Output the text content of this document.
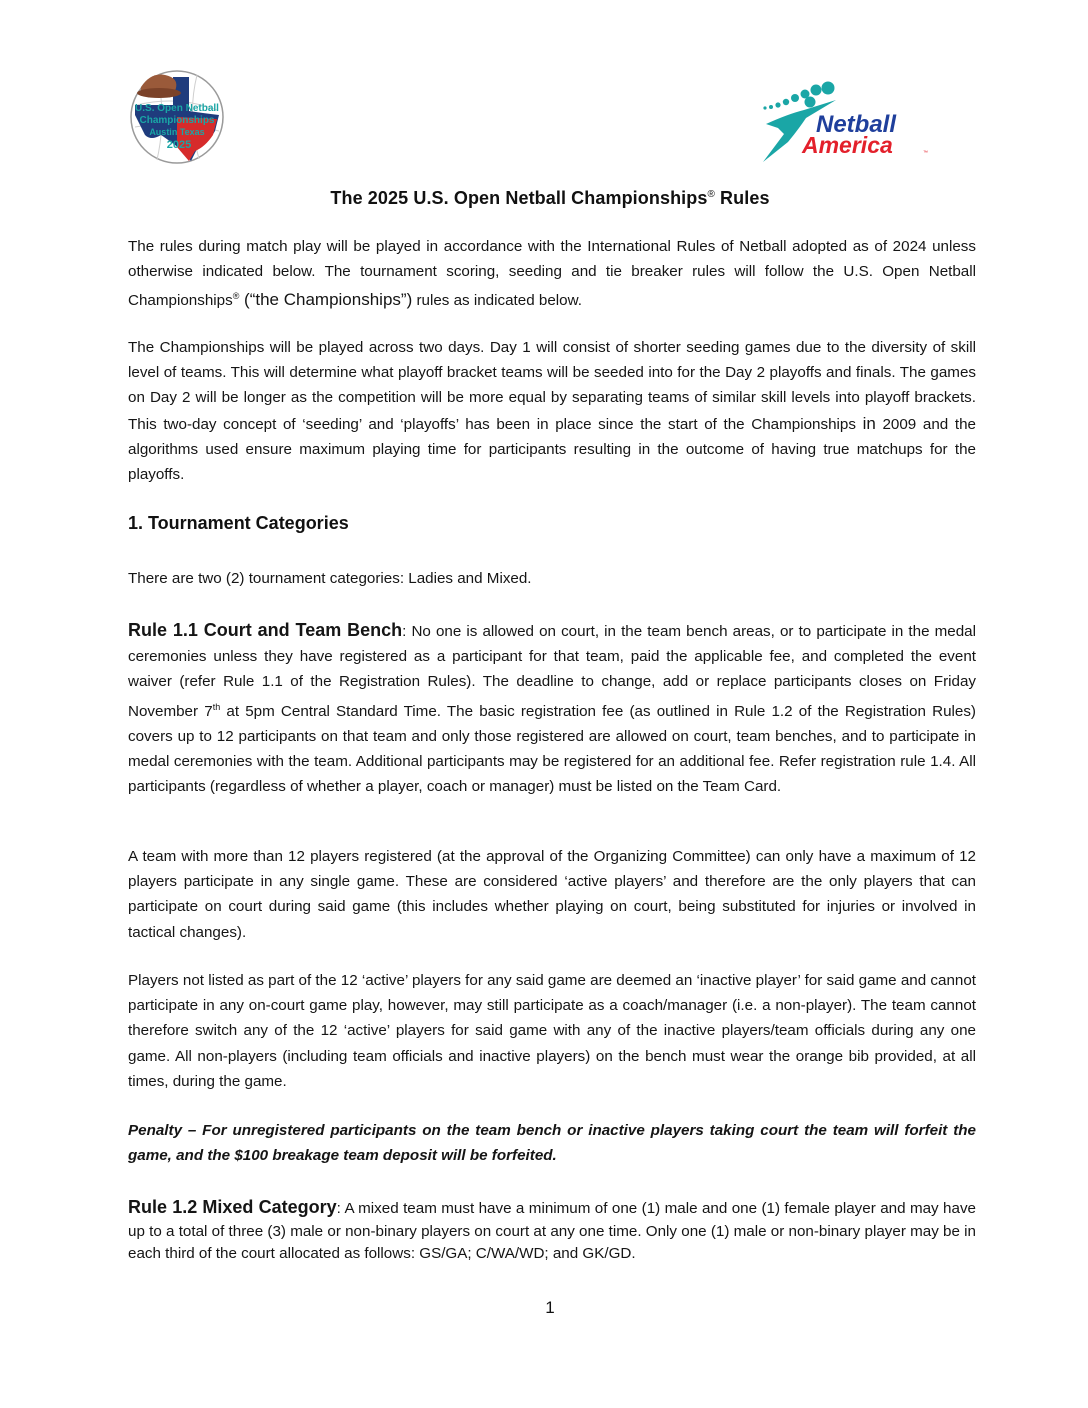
U.S. Open Netball
Championships
Austin Texas
2025
Netball
America	™
The 2025 U.S. Open Netball Championships® Rules

The rules during match play will be played in accordance with the International Rules of Netball adopted as of 2024 unless otherwise indicated below. The tournament scoring, seeding and tie breaker rules will follow the U.S. Open Netball Championships® (“the Championships”) rules as indicated below.

The Championships will be played across two days. Day 1 will consist of shorter seeding games due to the diversity of skill level of teams. This will determine what playoff bracket teams will be seeded into for the Day 2 playoffs and finals. The games on Day 2 will be longer as the competition will be more equal by separating teams of similar skill levels into playoff brackets. This two-day concept of ‘seeding’ and ‘playoffs’ has been in place since the start of the Championships in 2009 and the algorithms used ensure maximum playing time for participants resulting in the outcome of having true matchups for the playoffs.

1. Tournament Categories

There are two (2) tournament categories: Ladies and Mixed.

Rule 1.1 Court and Team Bench: No one is allowed on court, in the team bench areas, or to participate in the medal ceremonies unless they have registered as a participant for that team, paid the applicable fee, and completed the event waiver (refer Rule 1.1 of the Registration Rules). The deadline to change, add or replace participants closes on Friday November 7th at 5pm Central Standard Time. The basic registration fee (as outlined in Rule 1.2 of the Registration Rules) covers up to 12 participants on that team and only those registered are allowed on court, team benches, and to participate in medal ceremonies with the team. Additional participants may be registered for an additional fee. Refer registration rule 1.4. All participants (regardless of whether a player, coach or manager) must be listed on the Team Card.

A team with more than 12 players registered (at the approval of the Organizing Committee) can only have a maximum of 12 players participate in any single game. These are considered ‘active players’ and therefore are the only players that can participate on court during said game (this includes whether playing on court, being substituted for injuries or involved in tactical changes).

Players not listed as part of the 12 ‘active’ players for any said game are deemed an ‘inactive player’ for said game and cannot participate in any on-court game play, however, may still participate as a coach/manager (i.e. a non-player). The team cannot therefore switch any of the 12 ‘active’ players for said game with any of the inactive players/team officials during any one game. All non-players (including team officials and inactive players) on the bench must wear the orange bib provided, at all times, during the game.

Penalty – For unregistered participants on the team bench or inactive players taking court the team will forfeit the game, and the $100 breakage team deposit will be forfeited.

Rule 1.2 Mixed Category: A mixed team must have a minimum of one (1) male and one (1) female player and may have up to a total of three (3) male or non-binary players on court at any one time. Only one (1) male or non-binary player may be in each third of the court allocated as follows: GS/GA; C/WA/WD; and GK/GD.

1
